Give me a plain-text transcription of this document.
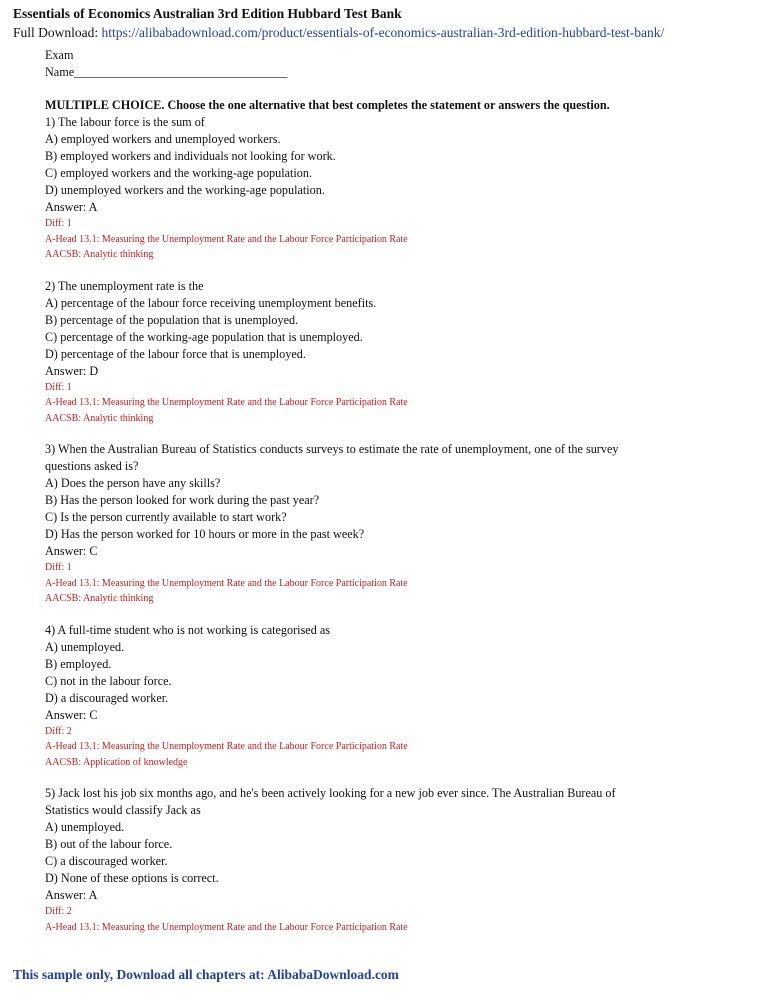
Essentials of Economics Australian 3rd Edition Hubbard Test Bank
Full Download: https://alibabadownload.com/product/essentials-of-economics-australian-3rd-edition-hubbard-test-bank/
Exam
Name___________________________________
MULTIPLE CHOICE. Choose the one alternative that best completes the statement or answers the question.
1) The labour force is the sum of
A) employed workers and unemployed workers.
B) employed workers and individuals not looking for work.
C) employed workers and the working-age population.
D) unemployed workers and the working-age population.
Answer: A
Diff: 1
A-Head 13.1: Measuring the Unemployment Rate and the Labour Force Participation Rate
AACSB: Analytic thinking
2) The unemployment rate is the
A) percentage of the labour force receiving unemployment benefits.
B) percentage of the population that is unemployed.
C) percentage of the working-age population that is unemployed.
D) percentage of the labour force that is unemployed.
Answer: D
Diff: 1
A-Head 13.1: Measuring the Unemployment Rate and the Labour Force Participation Rate
AACSB: Analytic thinking
3) When the Australian Bureau of Statistics conducts surveys to estimate the rate of unemployment, one of the survey
questions asked is?
A) Does the person have any skills?
B) Has the person looked for work during the past year?
C) Is the person currently available to start work?
D) Has the person worked for 10 hours or more in the past week?
Answer: C
Diff: 1
A-Head 13.1: Measuring the Unemployment Rate and the Labour Force Participation Rate
AACSB: Analytic thinking
4) A full-time student who is not working is categorised as
A) unemployed.
B) employed.
C) not in the labour force.
D) a discouraged worker.
Answer: C
Diff: 2
A-Head 13.1: Measuring the Unemployment Rate and the Labour Force Participation Rate
AACSB: Application of knowledge
5) Jack lost his job six months ago, and he's been actively looking for a new job ever since. The Australian Bureau of
Statistics would classify Jack as
A) unemployed.
B) out of the labour force.
C) a discouraged worker.
D) None of these options is correct.
Answer: A
Diff: 2
A-Head 13.1: Measuring the Unemployment Rate and the Labour Force Participation Rate
This sample only, Download all chapters at: AlibabaDownload.com
